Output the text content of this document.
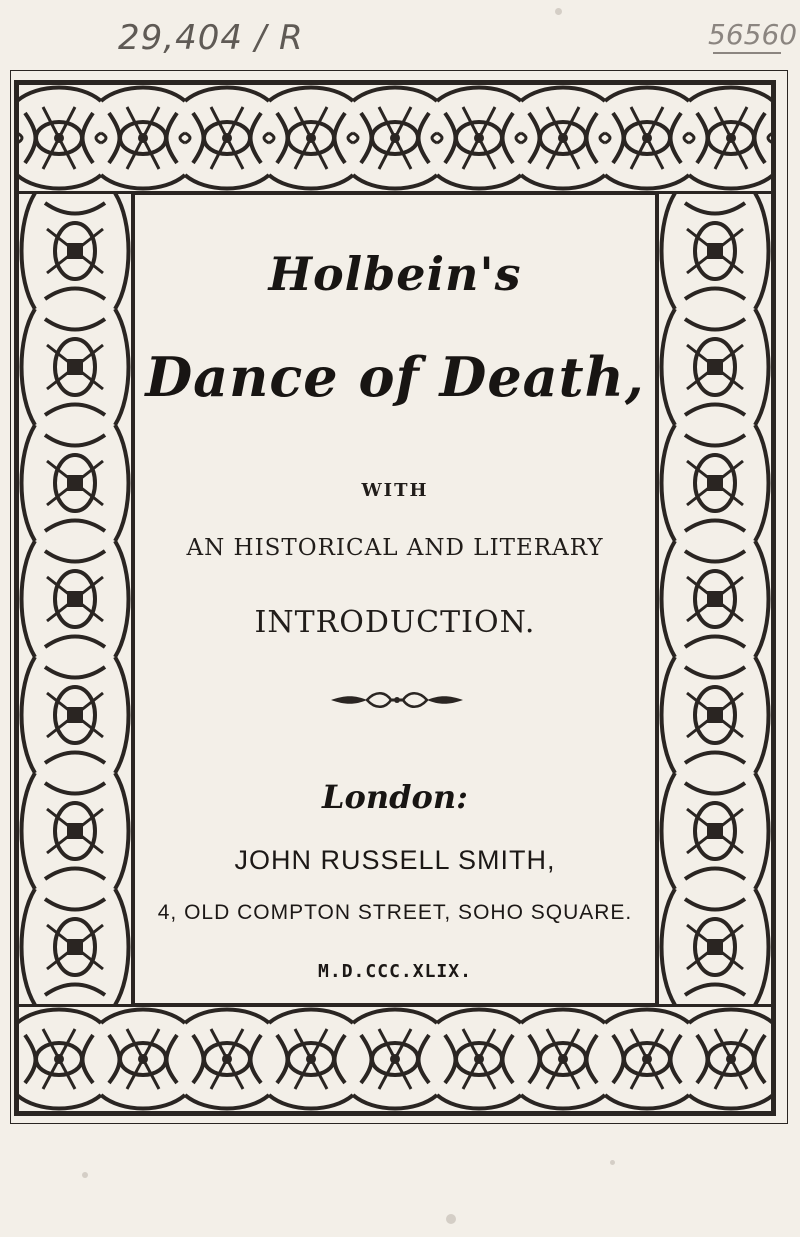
29,404 / R	56560
Holbein's
Dance of Death,
WITH
AN HISTORICAL AND LITERARY
INTRODUCTION.
London:
JOHN RUSSELL SMITH,
4, OLD COMPTON STREET, SOHO SQUARE.
M.D.CCC.XLIX.
